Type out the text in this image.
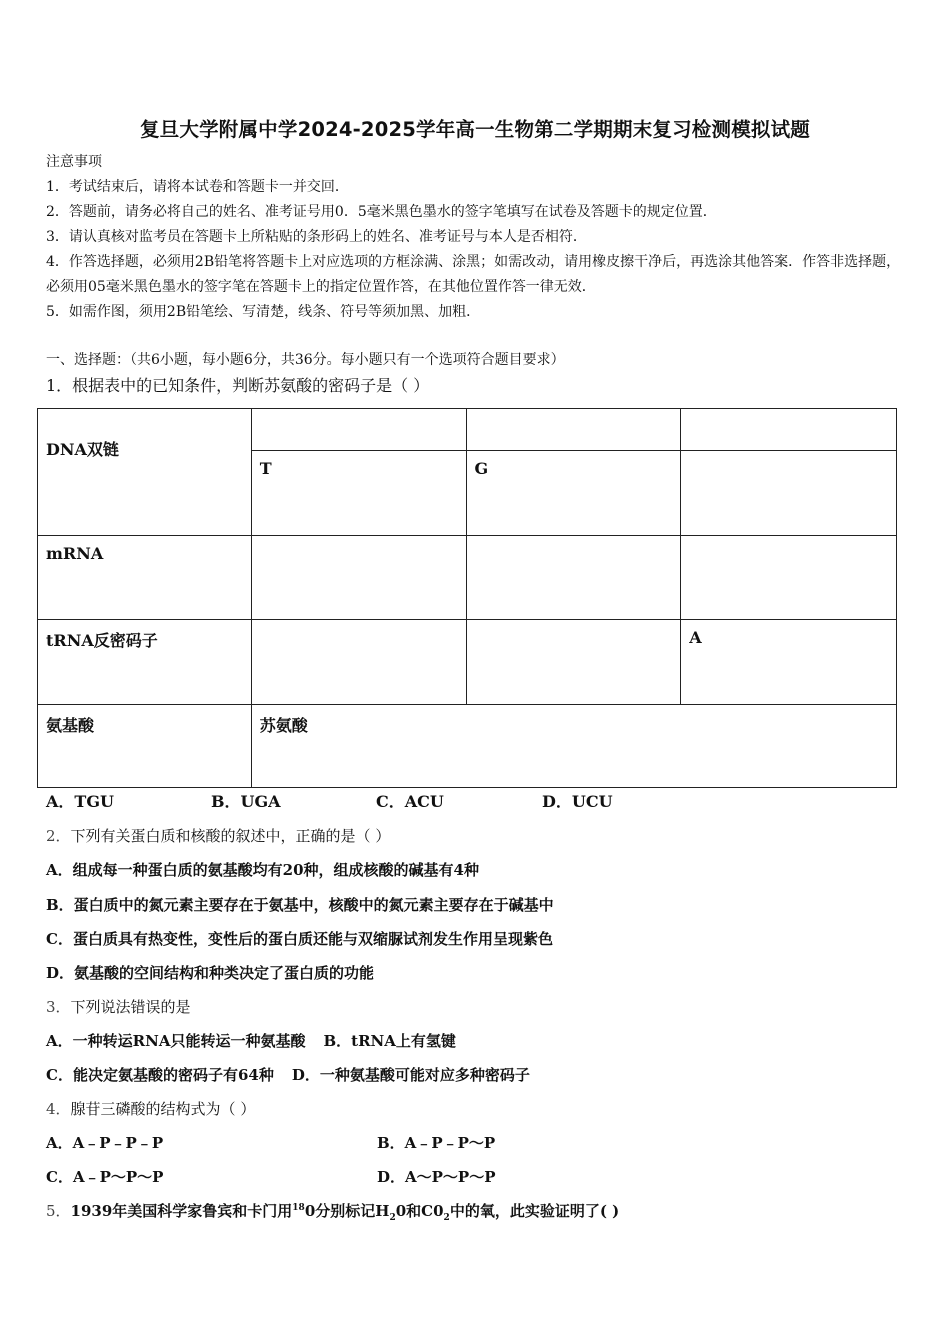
复旦大学附属中学2024-2025学年高一生物第二学期期末复习检测模拟试题
注意事项
1．考试结束后，请将本试卷和答题卡一并交回．
2．答题前，请务必将自己的姓名、准考证号用0．5毫米黑色墨水的签字笔填写在试卷及答题卡的规定位置．
3．请认真核对监考员在答题卡上所粘贴的条形码上的姓名、准考证号与本人是否相符．
4．作答选择题，必须用2B铅笔将答题卡上对应选项的方框涂满、涂黑；如需改动，请用橡皮擦干净后，再选涂其他答案．作答非选择题，必须用05毫米黑色墨水的签字笔在答题卡上的指定位置作答，在其他位置作答一律无效．
5．如需作图，须用2B铅笔绘、写清楚，线条、符号等须加黑、加粗．
一、选择题：（共6小题，每小题6分，共36分。每小题只有一个选项符合题目要求）
1．根据表中的已知条件，判断苏氨酸的密码子是（ ）
DNA双链			
	T	G	
mRNA			
tRNA反密码子			A
氨基酸	苏氨酸		
A．TGU	B．UGA	C．ACU	D．UCU
2．下列有关蛋白质和核酸的叙述中，正确的是（ ）
A．组成每一种蛋白质的氨基酸均有20种，组成核酸的碱基有4种
B．蛋白质中的氮元素主要存在于氨基中，核酸中的氮元素主要存在于碱基中
C．蛋白质具有热变性，变性后的蛋白质还能与双缩脲试剂发生作用呈现紫色
D．氨基酸的空间结构和种类决定了蛋白质的功能
3．下列说法错误的是
A．一种转运RNA只能转运一种氨基酸 B．tRNA上有氢键
C．能决定氨基酸的密码子有64种 D．一种氨基酸可能对应多种密码子
4．腺苷三磷酸的结构式为（ ）
A．A﹣P﹣P﹣P	B．A﹣P﹣P～P
C．A﹣P～P～P	D．A～P～P～P
5．1939年美国科学家鲁宾和卡门用$^{18}$0分别标记$H_20$和$C0_2$中的氧，此实验证明了( )
